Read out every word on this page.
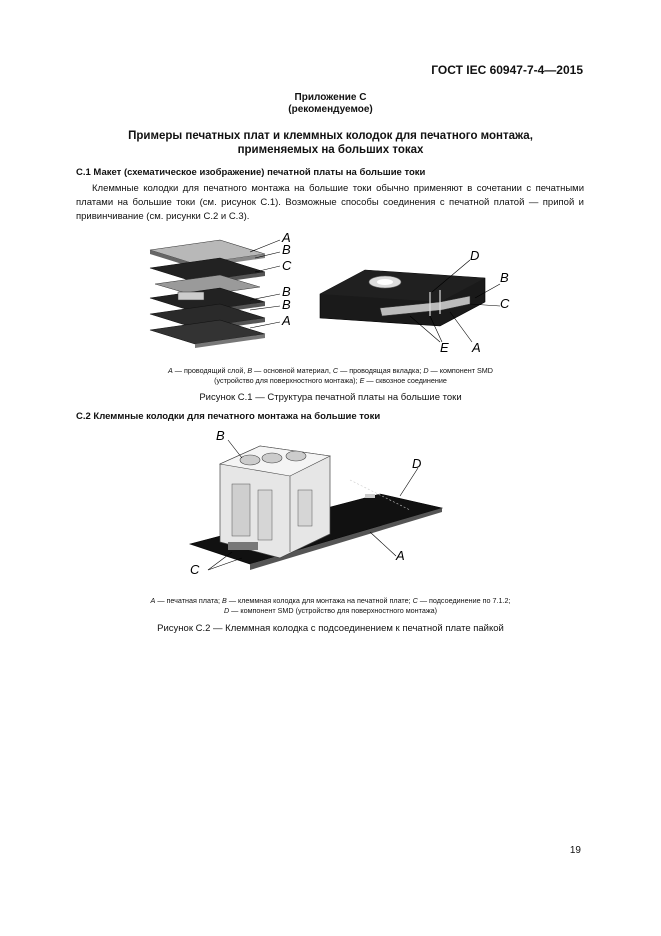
ГОСТ IEC 60947-7-4—2015
Приложение С
(рекомендуемое)
Примеры печатных плат и клеммных колодок для печатного монтажа,
применяемых на больших токах
С.1 Макет (схематическое изображение) печатной платы на большие токи
Клеммные колодки для печатного монтажа на большие токи обычно применяют в сочетании с печатными платами на большие токи (см. рисунок С.1). Возможные способы соединения с печатной платой — припой и привинчивание (см. рисунки С.2 и С.3).
A
B
C
B
B
A
D
B
C
E A
A — проводящий слой, B — основной материал, C — проводящая вкладка; D — компонент SMD
(устройство для поверхностного монтажа); E — сквозное соединение
Рисунок С.1 — Структура печатной платы на большие токи
С.2 Клеммные колодки для печатного монтажа на большие токи
B
D
A
C
A — печатная плата; B — клеммная колодка для монтажа на печатной плате; C — подсоединение по 7.1.2;
D — компонент SMD (устройство для поверхностного монтажа)
Рисунок С.2 — Клеммная колодка с подсоединением к печатной плате пайкой
19
